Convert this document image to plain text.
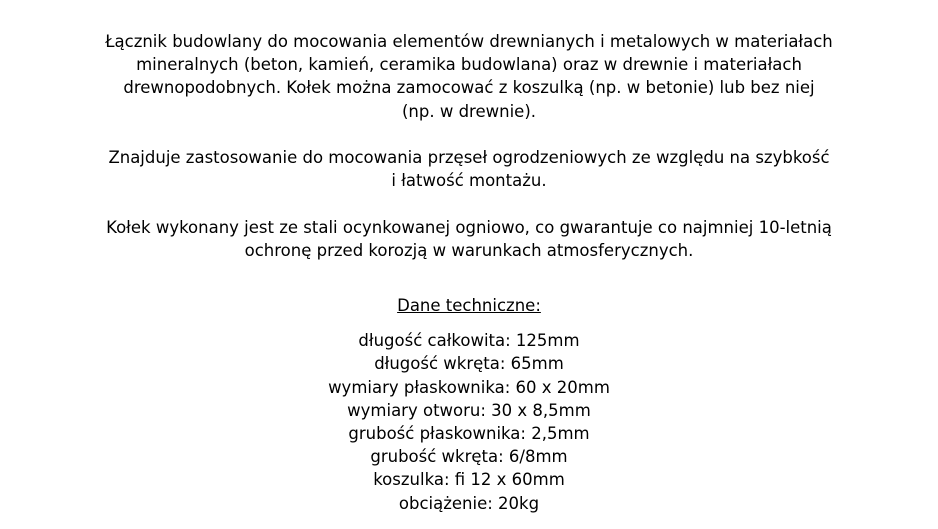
Łącznik budowlany do mocowania elementów drewnianych i metalowych w materiałach
mineralnych (beton, kamień, ceramika budowlana) oraz w drewnie i materiałach
drewnopodobnych. Kołek można zamocować z koszulką (np. w betonie) lub bez niej
(np. w drewnie).

Znajduje zastosowanie do mocowania przęseł ogrodzeniowych ze względu na szybkość
i łatwość montażu.

Kołek wykonany jest ze stali ocynkowanej ogniowo, co gwarantuje co najmniej 10-letnią
ochronę przed korozją w warunkach atmosferycznych.

Dane techniczne:

długość całkowita: 125mm
długość wkręta: 65mm
wymiary płaskownika: 60 x 20mm
wymiary otworu: 30 x 8,5mm
grubość płaskownika: 2,5mm
grubość wkręta: 6/8mm
koszulka: fi 12 x 60mm
obciążenie: 20kg
